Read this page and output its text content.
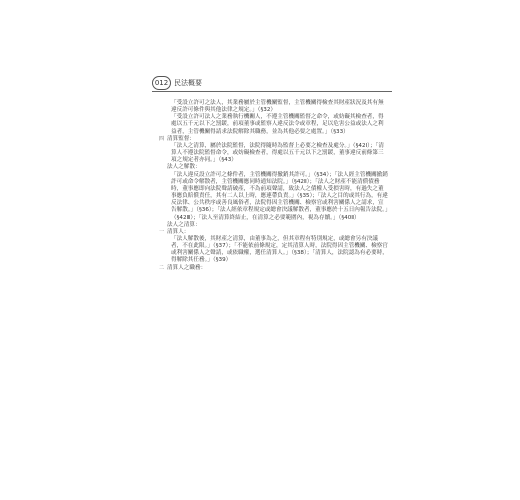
012 民法概要

「受設立許可之法人，其業務屬於主管機關監督，主管機關得檢查其財產狀況及其有無違反許可條件與其他法律之規定。」（§32）

「受設立許可法人之業務執行機關人，不遵主管機關監督之命令，或妨礙其檢查者，得處以五千元以下之罰鍰，前項董事或監察人違反法令或章程，足以危害公益或法人之利益者，主管機關得請求法院解除其職務，並為其他必要之處置。」（§33）

四 清算監督：

「法人之清算，屬於法院監督，法院得隨時為監督上必要之檢查及處分。」（§42Ⅰ）；「清算人不遵法院監督命令，或妨礙檢查者，得處以五千元以下之罰鍰，董事違反前條第三項之規定者亦同。」（§43）

法人之解散：

「法人違反設立許可之條件者，主管機關得撤銷其許可。」（§34）；「法人經主管機關撤銷許可或命令解散者，主管機關應同時通知法院。」（§42Ⅱ）；「法人之財產不能清償債務時，董事應即向法院聲請破產，不為前項聲請，致法人之債權人受損害時，有過失之董事應負賠償責任，其有二人以上時，應連帶負責。」（§35）；「法人之目的或其行為，有違反法律、公共秩序或善良風俗者，法院得因主管機關、檢察官或利害關係人之請求，宣告解散。」（§36）；「法人經依章程規定或總會決議解散者，董事應於十五日內報告法院。」（§42Ⅲ）；「法人至清算終結止，在清算之必要範圍內，視為存續。」（§40Ⅱ）

法人之清算：

一 清算人：

「法人解散後，其財產之清算，由董事為之，但其章程有特別規定，或總會另有決議者，不在此限。」（§37）；「不能依前條規定，定其清算人時，法院得因主管機關、檢察官或利害關係人之聲請，或依職權，選任清算人。」（§38）；「清算人，法院認為有必要時，得解除其任務。」（§39）

二 清算人之職務：
